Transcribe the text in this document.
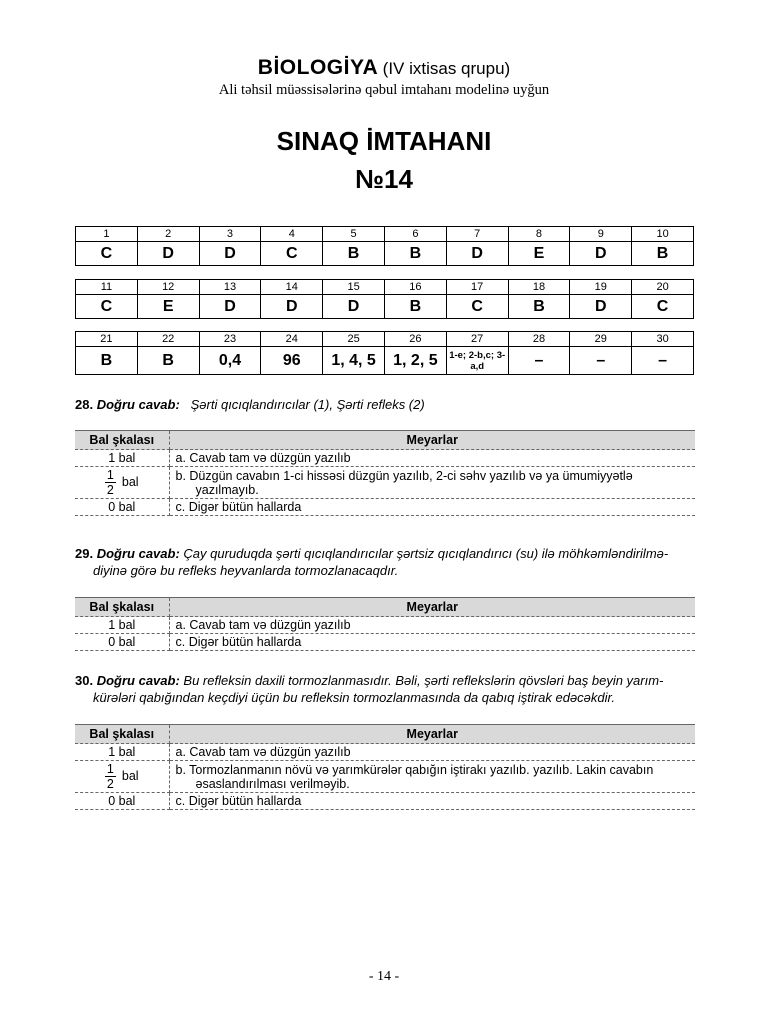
BİOLOGİYA (IV ixtisas qrupu)
Ali təhsil müəssisələrinə qəbul imtahanı modelinə uyğun
SINAQ İMTAHANI
№14
1	2	3	4	5	6	7	8	9	10
C	D	D	C	B	B	D	E	D	B
11	12	13	14	15	16	17	18	19	20
C	E	D	D	D	B	C	B	D	C
21	22	23	24	25	26	27	28	29	30
B	B	0,4	96	1, 4, 5	1, 2, 5	1-e; 2-b,c; 3-a,d	–	–	–
28. Doğru cavab: Şərti qıcıqlandırıcılar (1), Şərti refleks (2)
Bal şkalası	Meyarlar
1 bal	a. Cavab tam və düzgün yazılıb

$\frac{1}{2}$ bal	b. Düzgün cavabın 1-ci hissəsi düzgün yazılıb, 2-ci səhv yazılıb və ya ümumiyyətlə
yazılmayıb.

0 bal	c. Digər bütün hallarda
29. Doğru cavab: Çay quruduqda şərti qıcıqlandırıcılar şərtsiz qıcıqlandırıcı (su) ilə möhkəmləndirilmə-
diyinə görə bu refleks heyvanlarda tormozlanacaqdır.
Bal şkalası	Meyarlar
1 bal	a. Cavab tam və düzgün yazılıb
0 bal	c. Digər bütün hallarda
30. Doğru cavab: Bu refleksin daxili tormozlanmasıdır. Bəli, şərti reflekslərin qövsləri baş beyin yarım-
kürələri qabığından keçdiyi üçün bu refleksin tormozlanmasında da qabıq iştirak edəcəkdir.
Bal şkalası	Meyarlar
1 bal	a. Cavab tam və düzgün yazılıb

$\frac{1}{2}$ bal	b. Tormozlanmanın növü və yarımkürələr qabığın iştirakı yazılıb. yazılıb. Lakin cavabın
əsaslandırılması verilməyib.

0 bal	c. Digər bütün hallarda
- 14 -
